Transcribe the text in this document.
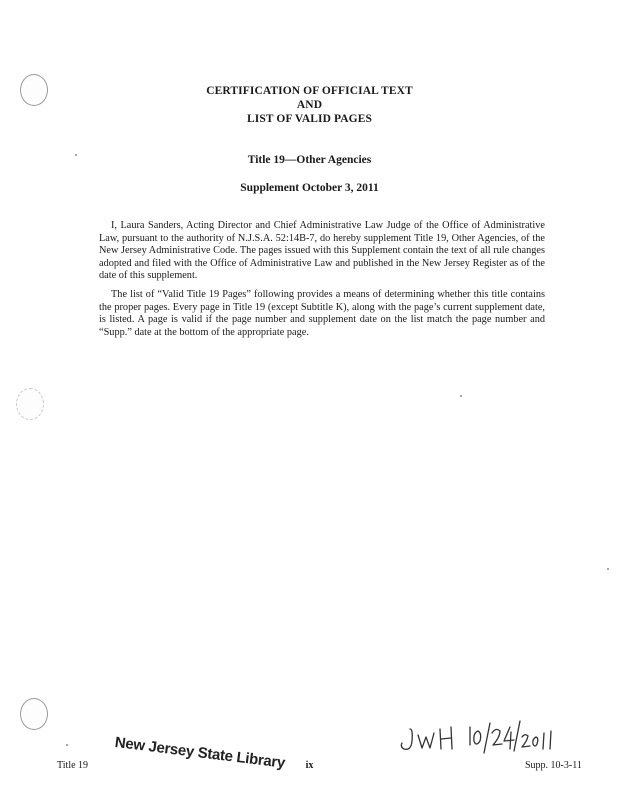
CERTIFICATION OF OFFICIAL TEXT
AND
LIST OF VALID PAGES
Title 19—Other Agencies
Supplement October 3, 2011

I, Laura Sanders, Acting Director and Chief Administrative Law Judge of the Office of Administrative Law, pursuant to the authority of N.J.S.A. 52:14B-7, do hereby supplement Title 19, Other Agencies, of the New Jersey Administrative Code. The pages issued with this Supplement contain the text of all rule changes adopted and filed with the Office of Administrative Law and published in the New Jersey Register as of the date of this supplement.

The list of “Valid Title 19 Pages” following provides a means of determining whether this title contains the proper pages. Every page in Title 19 (except Subtitle K), along with the page’s current supplement date, is listed. A page is valid if the page number and supplement date on the list match the page number and “Supp.” date at the bottom of the appropriate page.

New Jersey State Library
Title 19	ix	Supp. 10-3-11
